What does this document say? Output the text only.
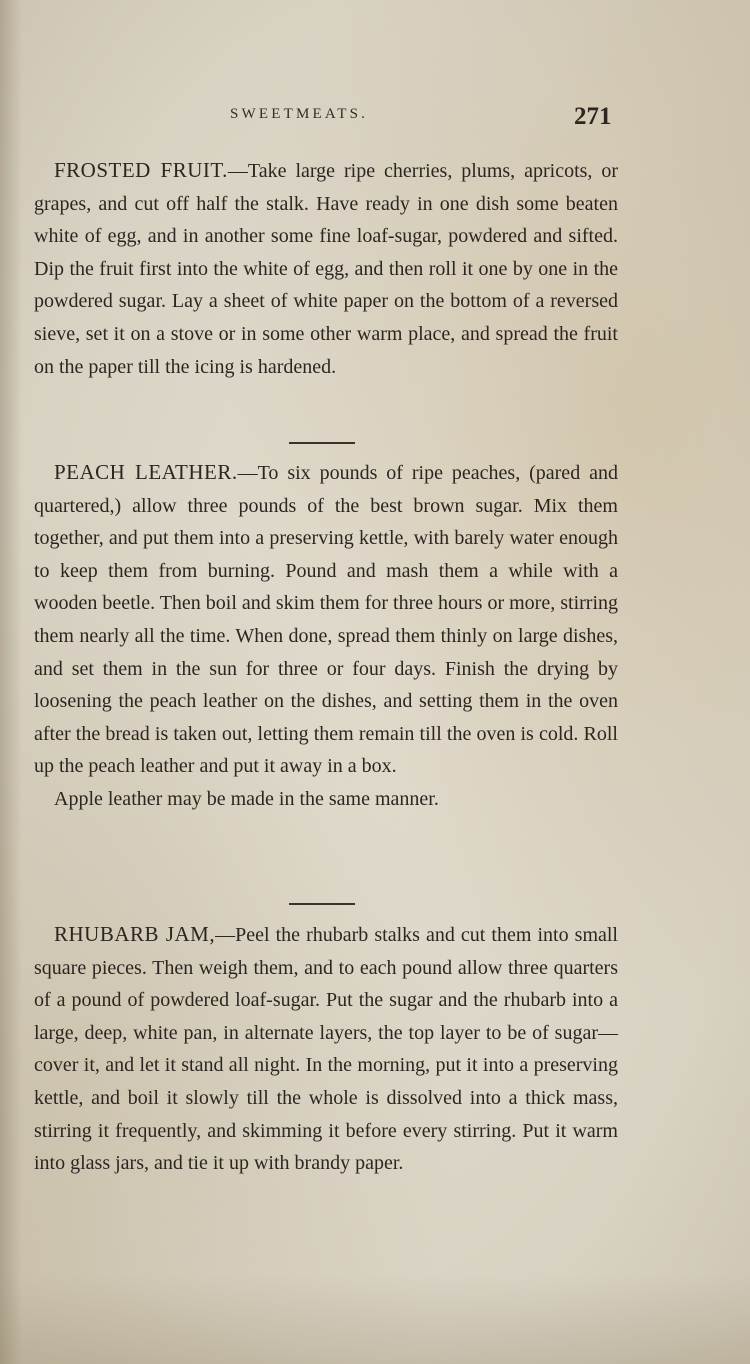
SWEETMEATS.	271

FROSTED FRUIT.—Take large ripe cherries, plums, apricots, or grapes, and cut off half the stalk. Have ready in one dish some beaten white of egg, and in another some fine loaf-sugar, powdered and sifted. Dip the fruit first into the white of egg, and then roll it one by one in the powdered sugar. Lay a sheet of white paper on the bottom of a reversed sieve, set it on a stove or in some other warm place, and spread the fruit on the paper till the icing is hardened.

PEACH LEATHER.—To six pounds of ripe peaches, (pared and quartered,) allow three pounds of the best brown sugar. Mix them together, and put them into a preserving kettle, with barely water enough to keep them from burning. Pound and mash them a while with a wooden beetle. Then boil and skim them for three hours or more, stirring them nearly all the time. When done, spread them thinly on large dishes, and set them in the sun for three or four days. Finish the drying by loosening the peach leather on the dishes, and setting them in the oven after the bread is taken out, letting them remain till the oven is cold. Roll up the peach leather and put it away in a box.

Apple leather may be made in the same manner.

RHUBARB JAM,—Peel the rhubarb stalks and cut them into small square pieces. Then weigh them, and to each pound allow three quarters of a pound of powdered loaf-sugar. Put the sugar and the rhubarb into a large, deep, white pan, in alternate layers, the top layer to be of sugar—cover it, and let it stand all night. In the morning, put it into a preserving kettle, and boil it slowly till the whole is dissolved into a thick mass, stirring it frequently, and skimming it before every stirring. Put it warm into glass jars, and tie it up with brandy paper.
